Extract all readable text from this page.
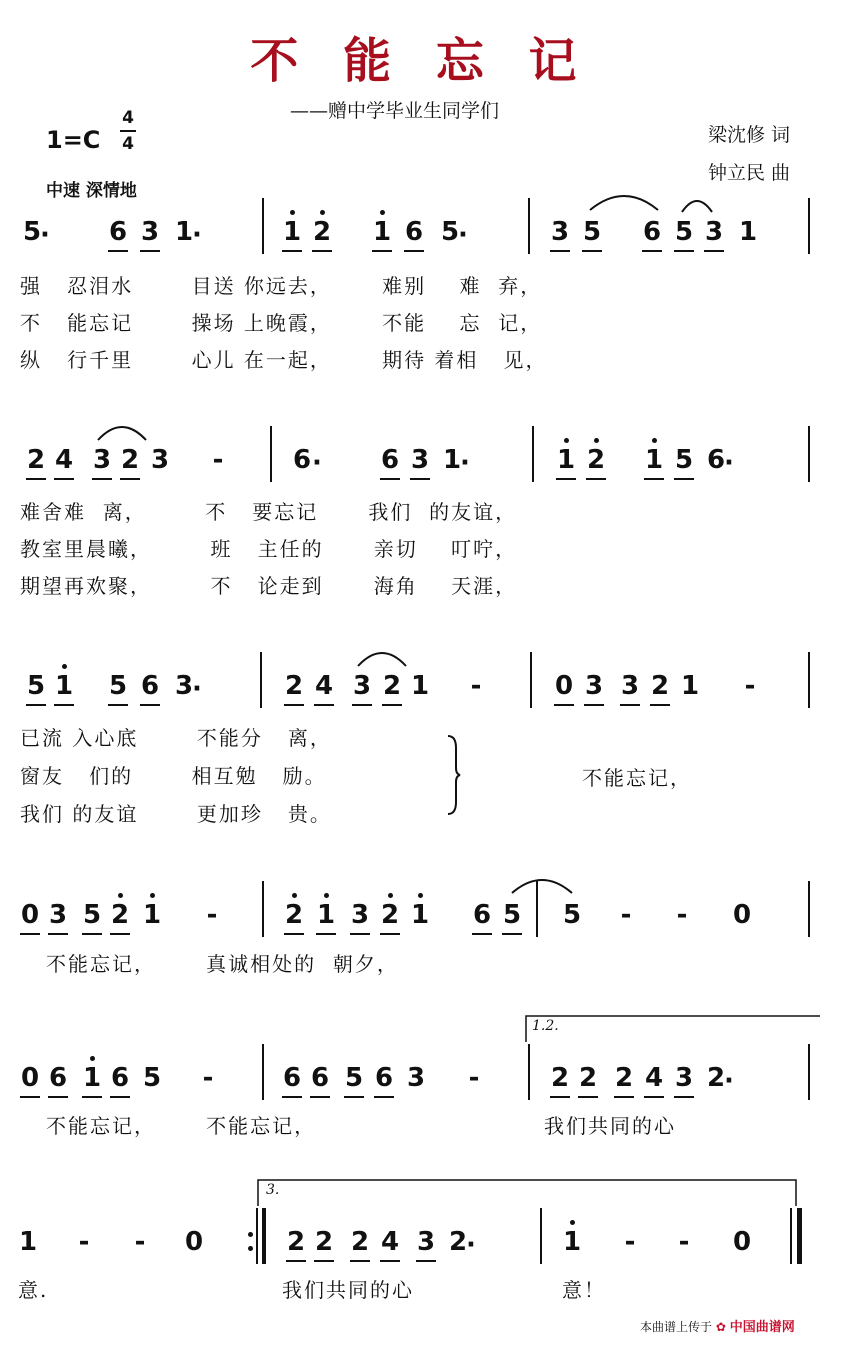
不 能 忘 记
——赠中学毕业生同学们
1=C
4
4
中速 深情地
梁沈修 词
钟立民 曲
5
· 6 3 1
·	1 2 1 6 5
·	3 5 6 5 3 1
强   忍泪水       目送 你远去，      难别    难  弃，
不   能忘记       操场 上晚霞，      不能    忘  记，
纵   行千里       心儿 在一起，      期待 着相   见，
2 4 3 2 3 -	6 · 6 3 1
·	1 2 1 5 6
·
难舍难  离，       不   要忘记      我们  的友谊，
教室里晨曦，       班   主任的      亲切    叮咛，
期望再欢聚，       不   论走到      海角    天涯，
5 1 5 6 3
·	2 4 3 2 1 -	0 3 3 2 1 -
已流 入心底       不能分   离，
窗友   们的       相互勉   励。
我们 的友谊       更加珍   贵。
不能忘记，
0 3 5 2 1 -	2 1 3 2 1 6 5 5 - - 0
不能忘记，      真诚相处的  朝夕，
1.2.
0 6 1 6 5 -	6 6 5 6 3 -	2 2 2 4 3 2
·
不能忘记，      不能忘记，	我们共同的心
3.
1 - - 0	2 2 2 4 3 2
·	1 - - 0
意.	我们共同的心	意！
本曲谱上传于 ✿ 中国曲谱网
